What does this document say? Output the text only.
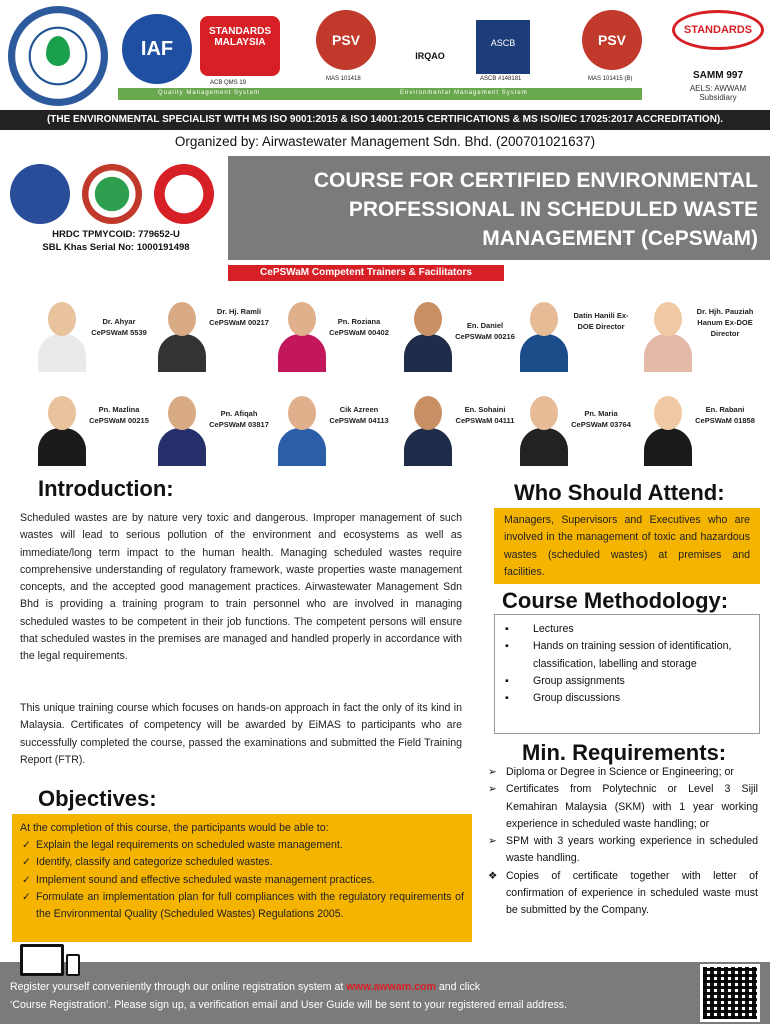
IAF
STANDARDS MALAYSIA
ACB QMS 19
PSV
MAS 101418
IRQAO
ASCB
ASCB #148181
PSV
MAS 101415 (B)
Quality Management System	Environmental Management System
STANDARDS
SAMM 997
AELS: AWWAM Subsidiary
(THE ENVIRONMENTAL SPECIALIST WITH MS ISO 9001:2015 & ISO 14001:2015 CERTIFICATIONS & MS ISO/IEC 17025:2017 ACCREDITATION).
Organized by: Airwastewater Management Sdn. Bhd. (200701021637)
HRDC TPMYCOID: 779652-U
SBL Khas Serial No: 1000191498
COURSE FOR CERTIFIED ENVIRONMENTAL
PROFESSIONAL IN SCHEDULED WASTE
MANAGEMENT (CePSWaM)
CePSWaM Competent Trainers & Facilitators
Dr. Ahyar CePSWaM 5539
Dr. Hj. Ramli CePSWaM 00217	Pn. Roziana CePSWaM 00402
En. Daniel CePSWaM 00216
Datin Hanili Ex-DOE Director
Dr. Hjh. Pauziah Hanum Ex-DOE Director
Pn. Mazlina CePSWaM 00215
Pn. Afiqah CePSWaM 03817
Cik Azreen CePSWaM 04113
En. Sohaini CePSWaM 04111
Pn. Maria CePSWaM 03764
En. Rabani CePSWaM 01858
Introduction:
Scheduled wastes are by nature very toxic and dangerous. Improper management of such wastes will lead to serious pollution of the environment and ecosystems as well as immediate/long term impact to the human health. Managing scheduled wastes require comprehensive understanding of regulatory framework, waste properties waste management concepts, and the accepted good management practices. Airwastewater Management Sdn Bhd is providing a training program to train personnel who are involved in managing scheduled wastes to be competent in their job functions. The competent persons will ensure that scheduled wastes in the premises are managed and handled properly in accordance with the legal requirements.
This unique training course which focuses on hands-on approach in fact the only of its kind in Malaysia. Certificates of competency will be awarded by EiMAS to participants who are successfully completed the course, passed the examinations and submitted the Field Training Report (FTR).
Objectives:
At the completion of this course, the participants would be able to:
✓ Explain the legal requirements on scheduled waste management.
✓ Identify, classify and categorize scheduled wastes.
✓ Implement sound and effective scheduled waste management practices.
✓ Formulate an implementation plan for full compliances with the regulatory requirements of the Environmental Quality (Scheduled Wastes) Regulations 2005.
Who Should Attend:
Managers, Supervisors and Executives who are involved in the management of toxic and hazardous wastes (scheduled wastes) at premises and facilities.
Course Methodology:
▪ Lectures
▪ Hands on training session of identification, classification, labelling and storage
▪ Group assignments
▪ Group discussions
Min. Requirements:
➢ Diploma or Degree in Science or Engineering; or
➢ Certificates from Polytechnic or Level 3 Sijil Kemahiran Malaysia (SKM) with 1 year working experience in scheduled waste handling; or
➢ SPM with 3 years working experience in scheduled waste handling.
❖ Copies of certificate together with letter of confirmation of experience in scheduled waste must be submitted by the Company.
Register yourself conveniently through our online registration system at www.awwam.com and click
‘Course Registration’. Please sign up, a verification email and User Guide will be sent to your registered email address.
